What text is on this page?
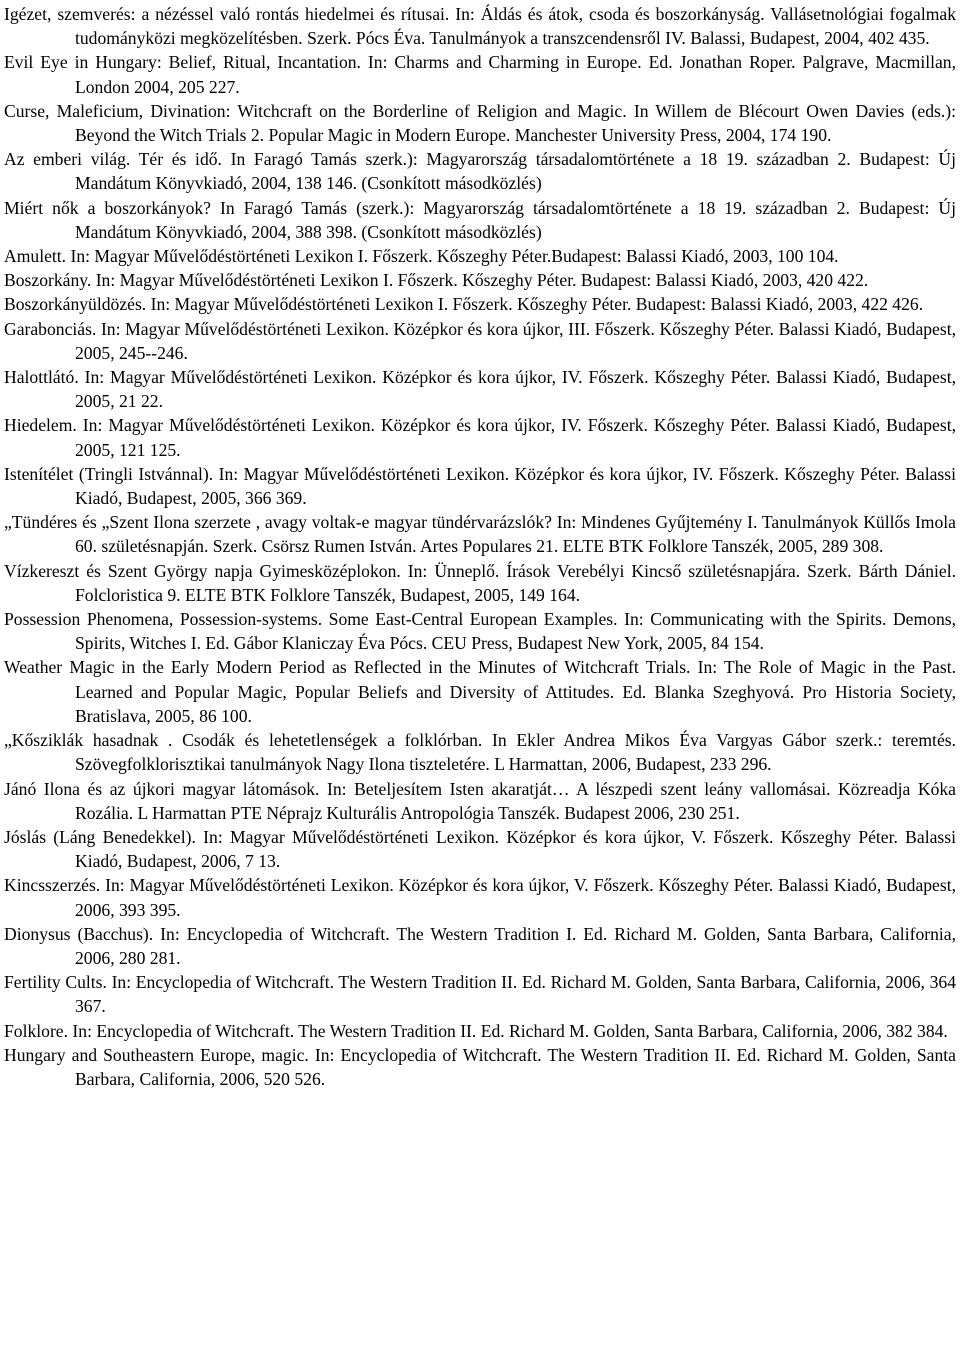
Igézet, szemverés: a nézéssel való rontás hiedelmei és rítusai. In: Áldás és átok, csoda és boszorkányság. Vallásetnológiai fogalmak tudományközi megközelítésben. Szerk. Pócs Éva. Tanulmányok a transzcendensről IV. Balassi, Budapest, 2004, 402 435.

Evil Eye in Hungary: Belief, Ritual, Incantation. In: Charms and Charming in Europe. Ed. Jonathan Roper. Palgrave, Macmillan, London 2004, 205 227.

Curse, Maleficium, Divination: Witchcraft on the Borderline of Religion and Magic. In Willem de Blécourt Owen Davies (eds.): Beyond the Witch Trials 2. Popular Magic in Modern Europe. Manchester University Press, 2004, 174 190.

Az emberi világ. Tér és idő. In Faragó Tamás szerk.): Magyarország társadalomtörténete a 18 19. században 2. Budapest: Új Mandátum Könyvkiadó, 2004, 138 146. (Csonkított másodközlés)

Miért nők a boszorkányok? In Faragó Tamás (szerk.): Magyarország társadalomtörténete a 18 19. században 2. Budapest: Új Mandátum Könyvkiadó, 2004, 388 398. (Csonkított másodközlés)

Amulett. In: Magyar Művelődéstörténeti Lexikon I. Főszerk. Kőszeghy Péter.Budapest: Balassi Kiadó, 2003, 100 104.

Boszorkány. In: Magyar Művelődéstörténeti Lexikon I. Főszerk. Kőszeghy Péter. Budapest: Balassi Kiadó, 2003, 420 422.

Boszorkányüldözés. In: Magyar Művelődéstörténeti Lexikon I. Főszerk. Kőszeghy Péter. Budapest: Balassi Kiadó, 2003, 422 426.

Garabonciás. In: Magyar Művelődéstörténeti Lexikon. Középkor és kora újkor, III. Főszerk. Kőszeghy Péter. Balassi Kiadó, Budapest, 2005, 245--246.

Halottlátó. In: Magyar Művelődéstörténeti Lexikon. Középkor és kora újkor, IV. Főszerk. Kőszeghy Péter. Balassi Kiadó, Budapest, 2005, 21 22.

Hiedelem. In: Magyar Művelődéstörténeti Lexikon. Középkor és kora újkor, IV. Főszerk. Kőszeghy Péter. Balassi Kiadó, Budapest, 2005, 121 125.

Istenítélet (Tringli Istvánnal). In: Magyar Művelődéstörténeti Lexikon. Középkor és kora újkor, IV. Főszerk. Kőszeghy Péter. Balassi Kiadó, Budapest, 2005, 366 369.

„Tündéres és „Szent Ilona szerzete , avagy voltak-e magyar tündérvarázslók? In: Mindenes Gyűjtemény I. Tanulmányok Küllős Imola 60. születésnapján. Szerk. Csörsz Rumen István. Artes Populares 21. ELTE BTK Folklore Tanszék, 2005, 289 308.

Vízkereszt és Szent György napja Gyimesközéplokon. In: Ünneplő. Írások Verebélyi Kincső születésnapjára. Szerk. Bárth Dániel. Folcloristica 9. ELTE BTK Folklore Tanszék, Budapest, 2005, 149 164.

Possession Phenomena, Possession-systems. Some East-Central European Examples. In: Communicating with the Spirits. Demons, Spirits, Witches I. Ed. Gábor Klaniczay Éva Pócs. CEU Press, Budapest New York, 2005, 84 154.

Weather Magic in the Early Modern Period as Reflected in the Minutes of Witchcraft Trials. In: The Role of Magic in the Past. Learned and Popular Magic, Popular Beliefs and Diversity of Attitudes. Ed. Blanka Szeghyová. Pro Historia Society, Bratislava, 2005, 86 100.

„Kősziklák hasadnak . Csodák és lehetetlenségek a folklórban. In Ekler Andrea Mikos Éva Vargyas Gábor szerk.: teremtés. Szövegfolklorisztikai tanulmányok Nagy Ilona tiszteletére. L Harmattan, 2006, Budapest, 233 296.

Jánó Ilona és az újkori magyar látomások. In: Beteljesítem Isten akaratját… A lészpedi szent leány vallomásai. Közreadja Kóka Rozália. L Harmattan PTE Néprajz Kulturális Antropológia Tanszék. Budapest 2006, 230 251.

Jóslás (Láng Benedekkel). In: Magyar Művelődéstörténeti Lexikon. Középkor és kora újkor, V. Főszerk. Kőszeghy Péter. Balassi Kiadó, Budapest, 2006, 7 13.

Kincsszerzés. In: Magyar Művelődéstörténeti Lexikon. Középkor és kora újkor, V. Főszerk. Kőszeghy Péter. Balassi Kiadó, Budapest, 2006, 393 395.

Dionysus (Bacchus). In: Encyclopedia of Witchcraft. The Western Tradition I. Ed. Richard M. Golden, Santa Barbara, California, 2006, 280 281.

Fertility Cults. In: Encyclopedia of Witchcraft. The Western Tradition II. Ed. Richard M. Golden, Santa Barbara, California, 2006, 364 367.

Folklore. In: Encyclopedia of Witchcraft. The Western Tradition II. Ed. Richard M. Golden, Santa Barbara, California, 2006, 382 384.

Hungary and Southeastern Europe, magic. In: Encyclopedia of Witchcraft. The Western Tradition II. Ed. Richard M. Golden, Santa Barbara, California, 2006, 520 526.
